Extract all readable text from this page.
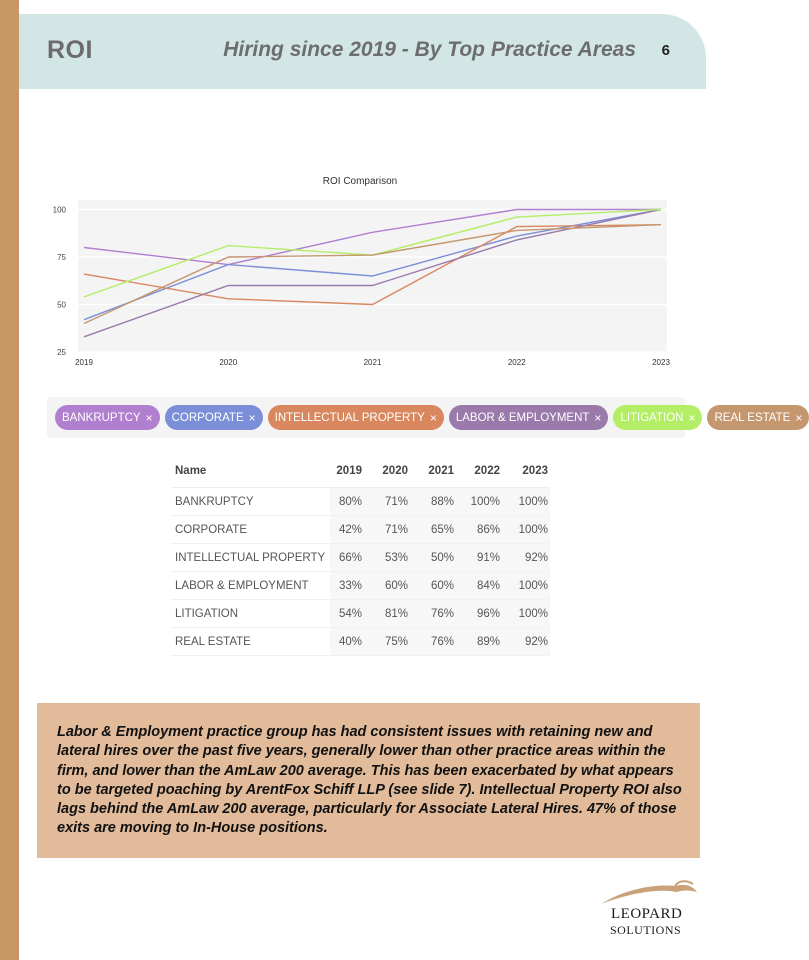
ROI	Hiring since 2019 - By Top Practice Areas 6
ROI Comparison
25
50
75
100
2019	2020	2021	2022	2023
BANKRUPTCY × CORPORATE × INTELLECTUAL PROPERTY × LABOR & EMPLOYMENT × LITIGATION × REAL ESTATE ×
Name	2019	2020	2021	2022	2023
BANKRUPTCY	80%	71%	88%	100%	100%
CORPORATE	42%	71%	65%	86%	100%
INTELLECTUAL PROPERTY	66%	53%	50%	91%	92%
LABOR & EMPLOYMENT	33%	60%	60%	84%	100%
LITIGATION	54%	81%	76%	96%	100%
REAL ESTATE	40%	75%	76%	89%	92%

Labor & Employment practice group has had consistent issues with retaining new and lateral hires over the past five years, generally lower than other practice areas within the firm, and lower than the AmLaw 200 average. This has been exacerbated by what appears to be targeted poaching by ArentFox Schiff LLP (see slide 7). Intellectual Property ROI also lags behind the AmLaw 200 average, particularly for Associate Lateral Hires. 47% of those exits are moving to In-House positions.

LEOPARD
SOLUTIONS
